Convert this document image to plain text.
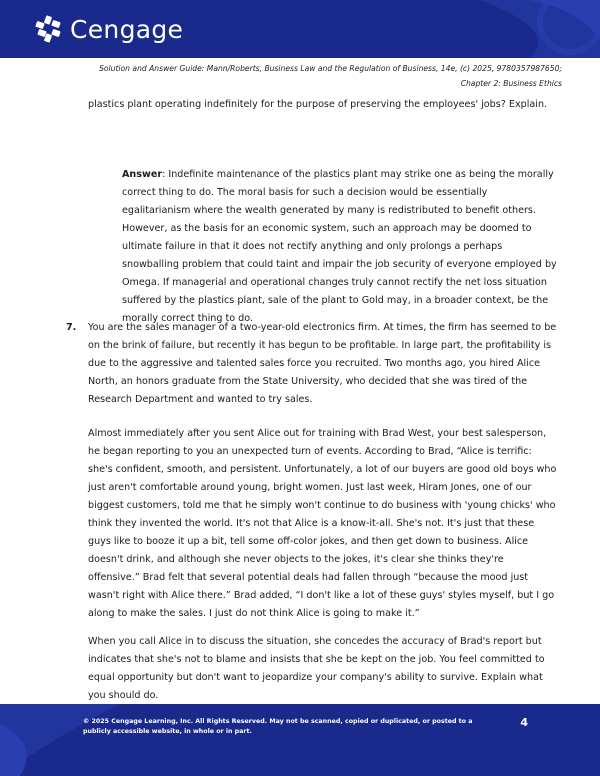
Cengage
Solution and Answer Guide: Mann/Roberts, Business Law and the Regulation of Business, 14e, (c) 2025, 9780357987650;
Chapter 2: Business Ethics
plastics plant operating indefinitely for the purpose of preserving the employees' jobs? Explain.
Answer: Indefinite maintenance of the plastics plant may strike one as being the morally correct thing to do. The moral basis for such a decision would be essentially egalitarianism where the wealth generated by many is redistributed to benefit others. However, as the basis for an economic system, such an approach may be doomed to ultimate failure in that it does not rectify anything and only prolongs a perhaps snowballing problem that could taint and impair the job security of everyone employed by Omega. If managerial and operational changes truly cannot rectify the net loss situation suffered by the plastics plant, sale of the plant to Gold may, in a broader context, be the morally correct thing to do.
7. You are the sales manager of a two-year-old electronics firm. At times, the firm has seemed to be on the brink of failure, but recently it has begun to be profitable. In large part, the profitability is due to the aggressive and talented sales force you recruited. Two months ago, you hired Alice North, an honors graduate from the State University, who decided that she was tired of the Research Department and wanted to try sales.
Almost immediately after you sent Alice out for training with Brad West, your best salesperson, he began reporting to you an unexpected turn of events. According to Brad, “Alice is terrific: she's confident, smooth, and persistent. Unfortunately, a lot of our buyers are good old boys who just aren't comfortable around young, bright women. Just last week, Hiram Jones, one of our biggest customers, told me that he simply won't continue to do business with 'young chicks' who think they invented the world. It's not that Alice is a know-it-all. She's not. It's just that these guys like to booze it up a bit, tell some off-color jokes, and then get down to business. Alice doesn't drink, and although she never objects to the jokes, it's clear she thinks they're offensive.” Brad felt that several potential deals had fallen through “because the mood just wasn't right with Alice there.” Brad added, “I don't like a lot of these guys' styles myself, but I go along to make the sales. I just do not think Alice is going to make it.”
When you call Alice in to discuss the situation, she concedes the accuracy of Brad's report but indicates that she's not to blame and insists that she be kept on the job. You feel committed to equal opportunity but don't want to jeopardize your company's ability to survive. Explain what you should do.
© 2025 Cengage Learning, Inc. All Rights Reserved. May not be scanned, copied or duplicated, or posted to a publicly accessible website, in whole or in part.
4
